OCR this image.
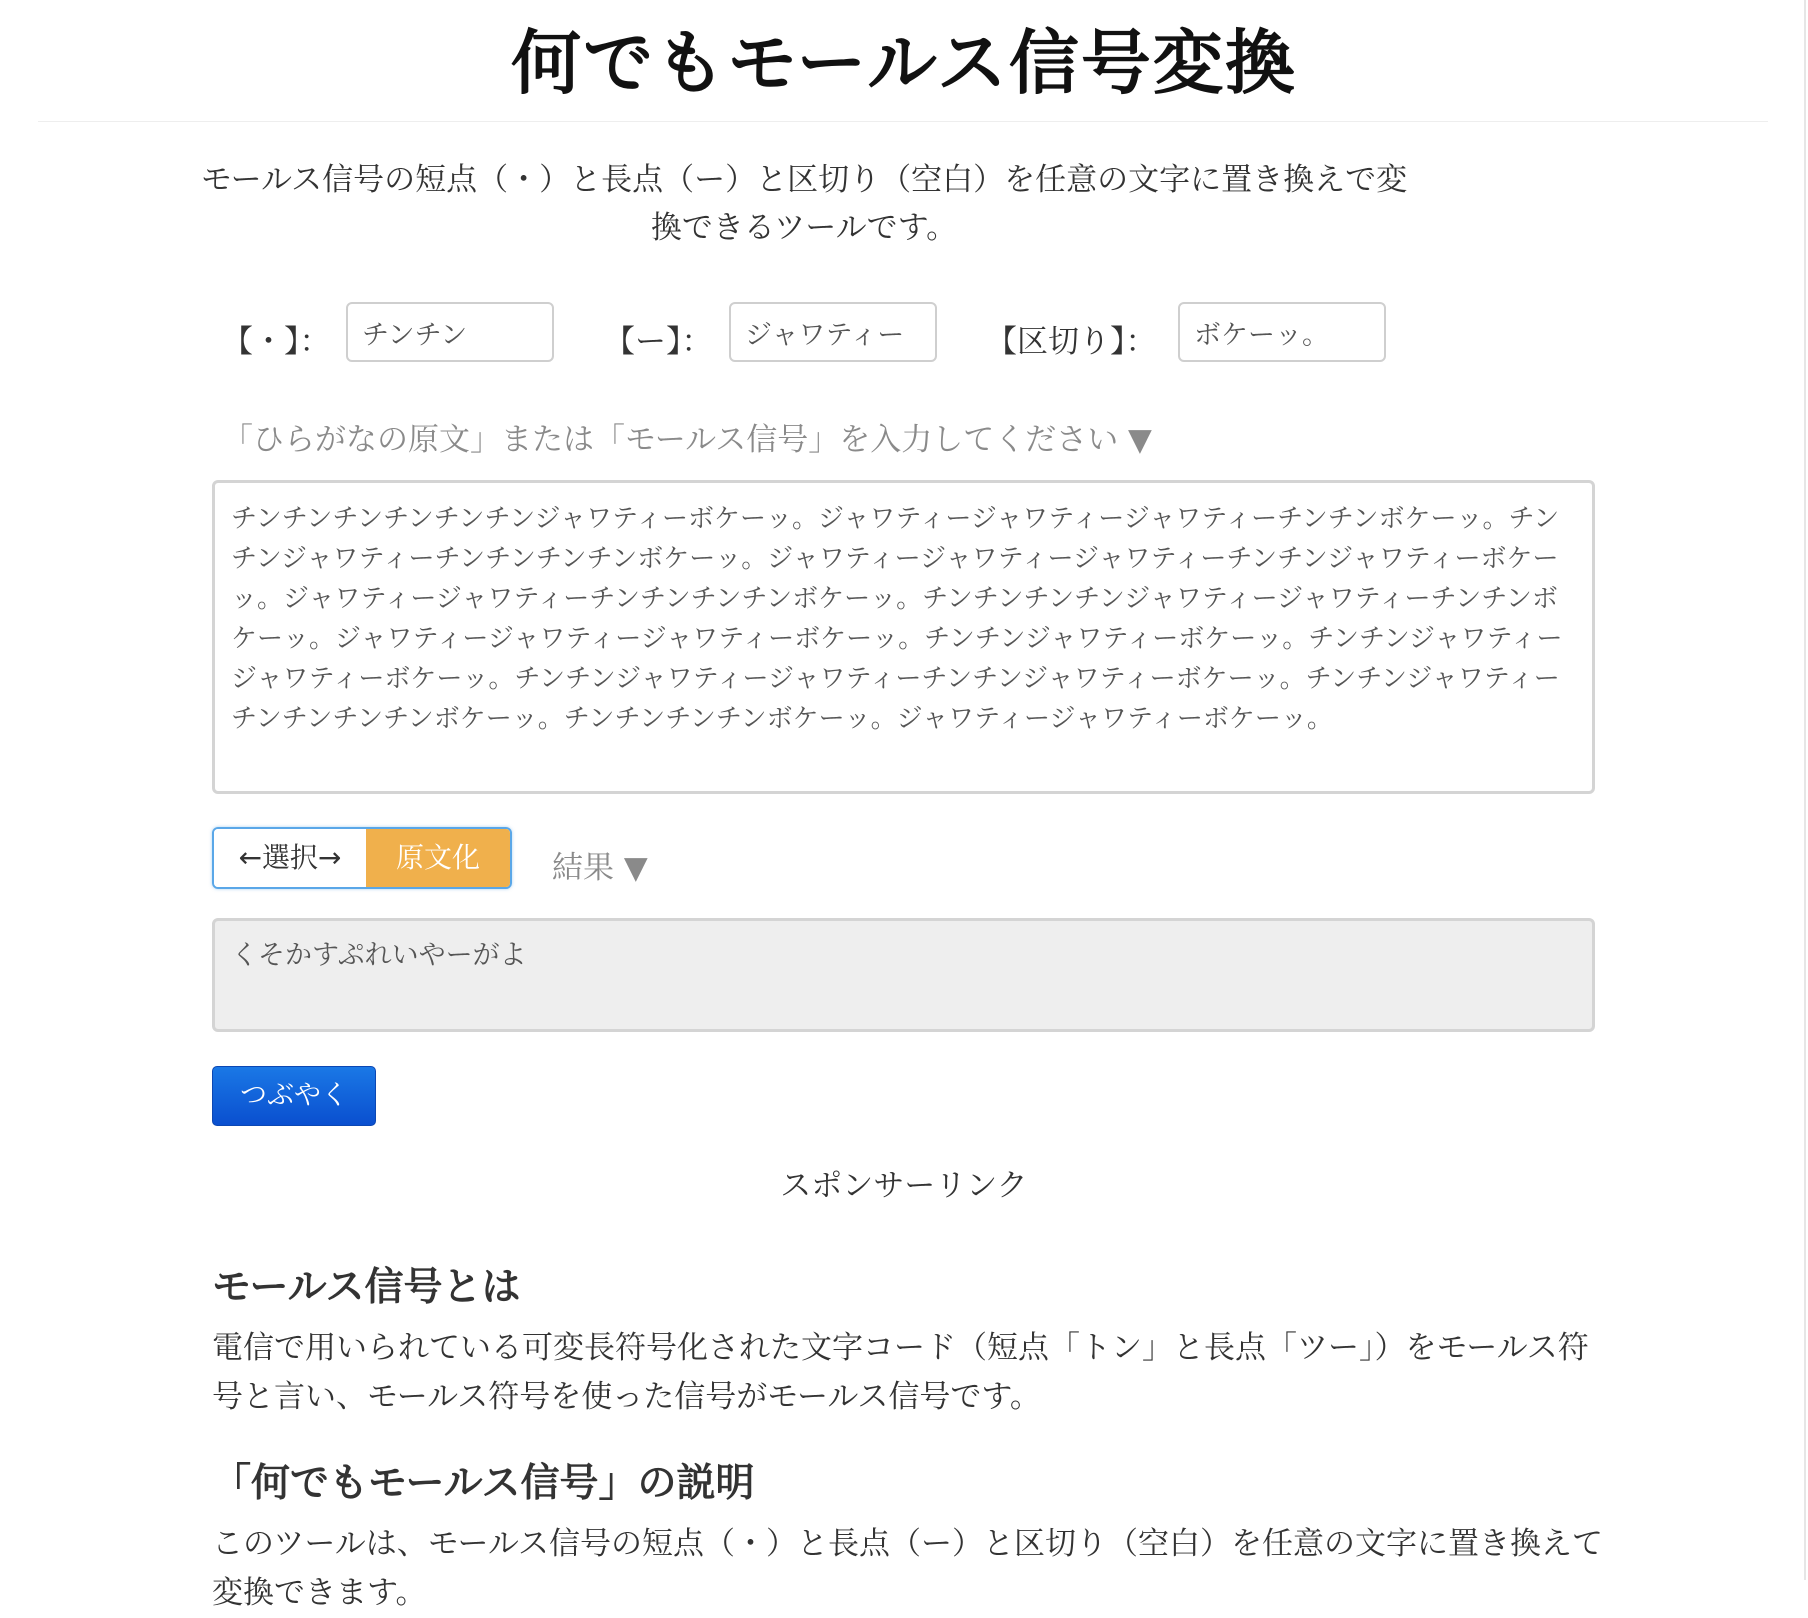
何でもモールス信号変換

モールス信号の短点（・）と長点（ー）と区切り（空白）を任意の文字に置き換えで変換できるツールです。

【・】：
チンチン	【ー】：
ジャワティー	【区切り】：
ボケーッ。
「ひらがなの原文」または「モールス信号」を入力してください ▼
チンチンチンチンチンチンジャワティーボケーッ。ジャワティージャワティージャワティーチンチンボケーッ。チンチンジャワティーチンチンチンチンボケーッ。ジャワティージャワティージャワティーチンチンジャワティーボケーッ。ジャワティージャワティーチンチンチンチンボケーッ。チンチンチンチンジャワティージャワティーチンチンボケーッ。ジャワティージャワティージャワティーボケーッ。チンチンジャワティーボケーッ。チンチンジャワティージャワティーボケーッ。チンチンジャワティージャワティーチンチンジャワティーボケーッ。チンチンジャワティーチンチンチンチンボケーッ。チンチンチンチンボケーッ。ジャワティージャワティーボケーッ。
←選択→	原文化	結果 ▼
くそかすぷれいやーがよ
つぶやく
スポンサーリンク
モールス信号とは

電信で用いられている可変長符号化された文字コード（短点「トン」と長点「ツー」）をモールス符号と言い、モールス符号を使った信号がモールス信号です。

「何でもモールス信号」の説明

このツールは、モールス信号の短点（・）と長点（ー）と区切り（空白）を任意の文字に置き換えて変換できます。
